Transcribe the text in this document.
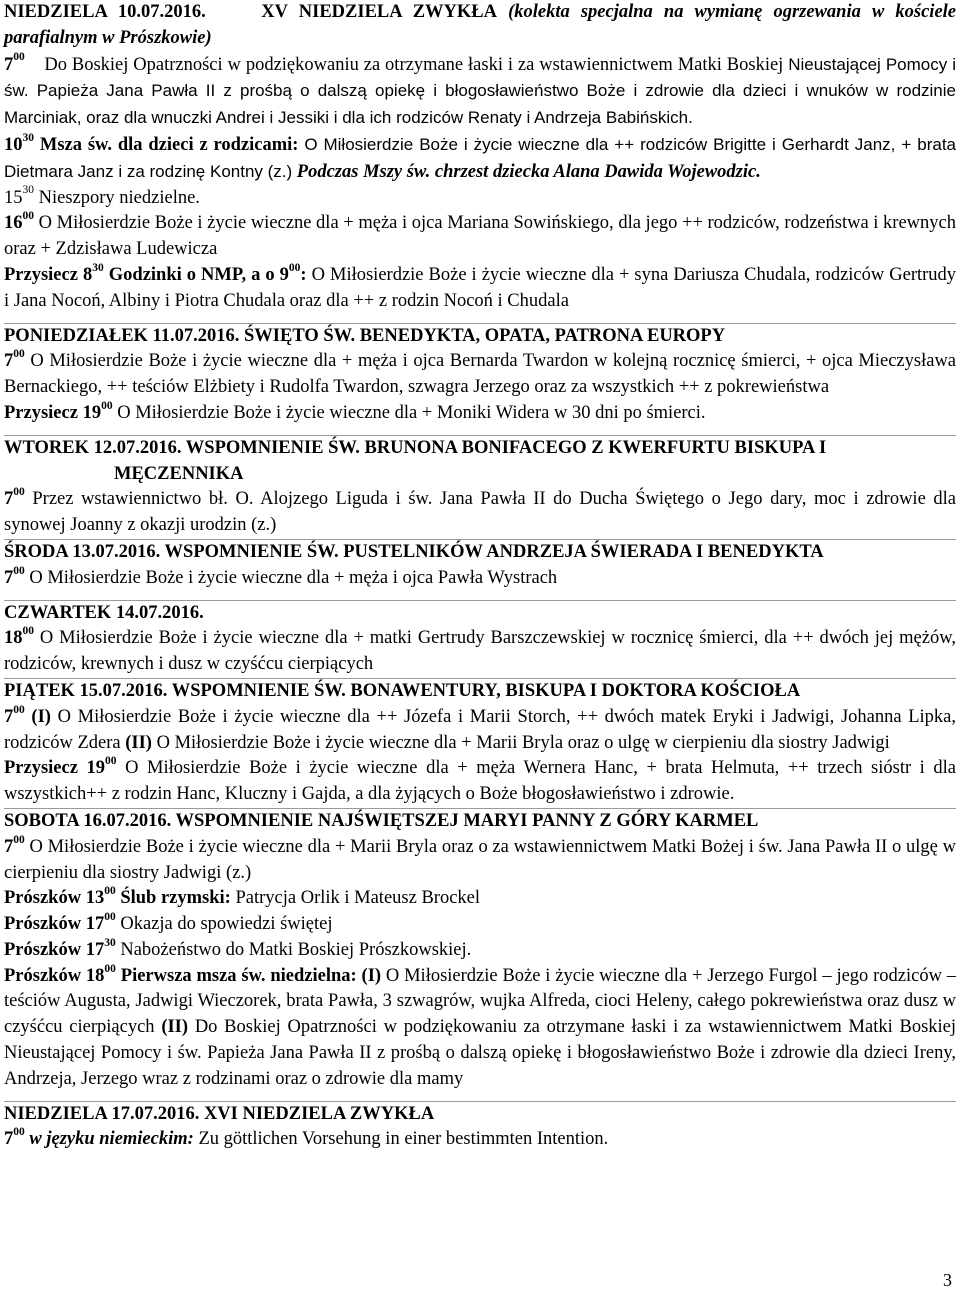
NIEDZIELA 10.07.2016.	XV NIEDZIELA ZWYKŁA (kolekta specjalna na wymianę ogrzewania w kościele parafialnym w Prószkowie)

$7^{00}$ Do Boskiej Opatrzności w podziękowaniu za otrzymane łaski i za wstawiennictwem Matki Boskiej Nieustającej Pomocy i św. Papieża Jana Pawła II z prośbą o dalszą opiekę i błogosławieństwo Boże i zdrowie dla dzieci i wnuków w rodzinie Marciniak, oraz dla wnuczki Andrei i Jessiki i dla ich rodziców Renaty i Andrzeja Babińskich.

$10^{30}$ Msza św. dla dzieci z rodzicami: O Miłosierdzie Boże i życie wieczne dla ++ rodziców Brigitte i Gerhardt Janz, + brata Dietmara Janz i za rodzinę Kontny (z.) Podczas Mszy św. chrzest dziecka Alana Dawida Wojewodzic.

$15^{30}$ Nieszpory niedzielne.

$16^{00}$ O Miłosierdzie Boże i życie wieczne dla + męża i ojca Mariana Sowińskiego, dla jego ++ rodziców, rodzeństwa i krewnych oraz + Zdzisława Ludewicza

Przysiecz $8^{30}$ Godzinki o NMP, a o $9^{00}$: O Miłosierdzie Boże i życie wieczne dla + syna Dariusza Chudala, rodziców Gertrudy i Jana Nocoń, Albiny i Piotra Chudala oraz dla ++ z rodzin Nocoń i Chudala

PONIEDZIAŁEK 11.07.2016. ŚWIĘTO ŚW. BENEDYKTA, OPATA, PATRONA EUROPY

$7^{00}$ O Miłosierdzie Boże i życie wieczne dla + męża i ojca Bernarda Twardon w kolejną rocznicę śmierci, + ojca Mieczysława Bernackiego, ++ teściów Elżbiety i Rudolfa Twardon, szwagra Jerzego oraz za wszystkich ++ z pokrewieństwa

Przysiecz $19^{00}$ O Miłosierdzie Boże i życie wieczne dla + Moniki Widera w 30 dni po śmierci.

WTOREK 12.07.2016. WSPOMNIENIE ŚW. BRUNONA BONIFACEGO Z KWERFURTU BISKUPA I

MĘCZENNIKA

$7^{00}$ Przez wstawiennictwo bł. O. Alojzego Liguda i św. Jana Pawła II do Ducha Świętego o Jego dary, moc i zdrowie dla synowej Joanny z okazji urodzin (z.)

ŚRODA 13.07.2016. WSPOMNIENIE ŚW. PUSTELNIKÓW ANDRZEJA ŚWIERADA I BENEDYKTA

$7^{00}$ O Miłosierdzie Boże i życie wieczne dla + męża i ojca Pawła Wystrach

CZWARTEK 14.07.2016.

$18^{00}$ O Miłosierdzie Boże i życie wieczne dla + matki Gertrudy Barszczewskiej w rocznicę śmierci, dla ++ dwóch jej mężów, rodziców, krewnych i dusz w czyśćcu cierpiących

PIĄTEK 15.07.2016. WSPOMNIENIE ŚW. BONAWENTURY, BISKUPA I DOKTORA KOŚCIOŁA

$7^{00}$ (I) O Miłosierdzie Boże i życie wieczne dla ++ Józefa i Marii Storch, ++ dwóch matek Eryki i Jadwigi, Johanna Lipka, rodziców Zdera (II) O Miłosierdzie Boże i życie wieczne dla + Marii Bryla oraz o ulgę w cierpieniu dla siostry Jadwigi

Przysiecz $19^{00}$ O Miłosierdzie Boże i życie wieczne dla + męża Wernera Hanc, + brata Helmuta, ++ trzech sióstr i dla wszystkich++ z rodzin Hanc, Kluczny i Gajda, a dla żyjących o Boże błogosławieństwo i zdrowie.

SOBOTA 16.07.2016. WSPOMNIENIE NAJŚWIĘTSZEJ MARYI PANNY Z GÓRY KARMEL

$7^{00}$ O Miłosierdzie Boże i życie wieczne dla + Marii Bryla oraz o za wstawiennictwem Matki Bożej i św. Jana Pawła II o ulgę w cierpieniu dla siostry Jadwigi (z.)

Prószków $13^{00}$ Ślub rzymski: Patrycja Orlik i Mateusz Brockel

Prószków $17^{00}$ Okazja do spowiedzi świętej

Prószków $17^{30}$ Nabożeństwo do Matki Boskiej Prószkowskiej.

Prószków $18^{00}$ Pierwsza msza św. niedzielna: (I) O Miłosierdzie Boże i życie wieczne dla + Jerzego Furgol – jego rodziców – teściów Augusta, Jadwigi Wieczorek, brata Pawła, 3 szwagrów, wujka Alfreda, cioci Heleny, całego pokrewieństwa oraz dusz w czyśćcu cierpiących (II) Do Boskiej Opatrzności w podziękowaniu za otrzymane łaski i za wstawiennictwem Matki Boskiej Nieustającej Pomocy i św. Papieża Jana Pawła II z prośbą o dalszą opiekę i błogosławieństwo Boże i zdrowie dla dzieci Ireny, Andrzeja, Jerzego wraz z rodzinami oraz o zdrowie dla mamy

NIEDZIELA 17.07.2016. XVI NIEDZIELA ZWYKŁA

$7^{00}$ w języku niemieckim: Zu göttlichen Vorsehung in einer bestimmten Intention.

3
